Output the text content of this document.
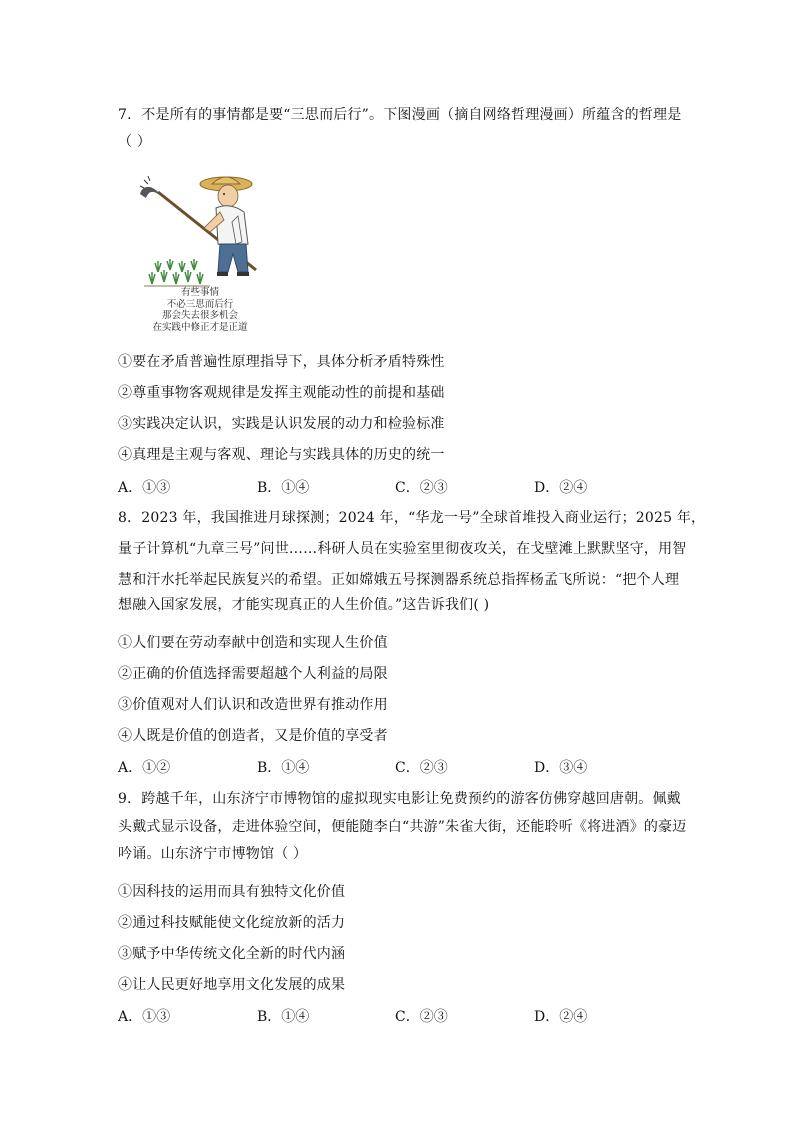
7．不是所有的事情都是要“三思而后行”。下图漫画（摘自网络哲理漫画）所蕴含的哲理是
（ ）
有些事情
不必三思而后行
那会失去很多机会
在实践中修正才是正道
①要在矛盾普遍性原理指导下，具体分析矛盾特殊性
②尊重事物客观规律是发挥主观能动性的前提和基础
③实践决定认识，实践是认识发展的动力和检验标准
④真理是主观与客观、理论与实践具体的历史的统一
A．①③	B．①④	C．②③	D．②④
8．2023 年，我国推进月球探测；2024 年，“华龙一号”全球首堆投入商业运行；2025 年，
量子计算机“九章三号”问世……科研人员在实验室里彻夜攻关，在戈壁滩上默默坚守，用智
慧和汗水托举起民族复兴的希望。正如嫦娥五号探测器系统总指挥杨孟飞所说：“把个人理
想融入国家发展，才能实现真正的人生价值。”这告诉我们( )
①人们要在劳动奉献中创造和实现人生价值
②正确的价值选择需要超越个人利益的局限
③价值观对人们认识和改造世界有推动作用
④人既是价值的创造者，又是价值的享受者
A．①②	B．①④	C．②③	D．③④
9．跨越千年，山东济宁市博物馆的虚拟现实电影让免费预约的游客仿佛穿越回唐朝。佩戴
头戴式显示设备，走进体验空间，便能随李白“共游”朱雀大街，还能聆听《将进酒》的豪迈
吟诵。山东济宁市博物馆（ ）
①因科技的运用而具有独特文化价值
②通过科技赋能使文化绽放新的活力
③赋予中华传统文化全新的时代内涵
④让人民更好地享用文化发展的成果
A．①③	B．①④	C．②③	D．②④
